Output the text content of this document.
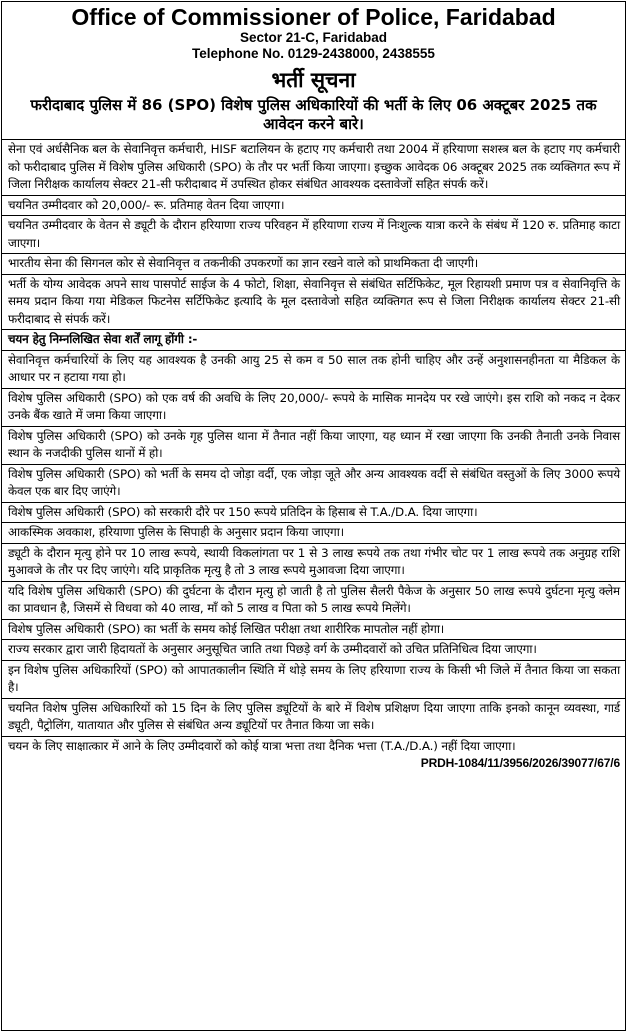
Office of Commissioner of Police, Faridabad
Sector 21-C, Faridabad
Telephone No. 0129-2438000, 2438555
भर्ती सूचना
फरीदाबाद पुलिस में 86 (SPO) विशेष पुलिस अधिकारियों की भर्ती के लिए 06 अक्टूबर 2025 तक आवेदन करने बारे।
सेना एवं अर्धसैनिक बल के सेवानिवृत्त कर्मचारी, HISF बटालियन के हटाए गए कर्मचारी तथा 2004 में हरियाणा सशस्त्र बल के हटाए गए कर्मचारी को फरीदाबाद पुलिस में विशेष पुलिस अधिकारी (SPO) के तौर पर भर्ती किया जाएगा। इच्छुक आवेदक 06 अक्टूबर 2025 तक व्यक्तिगत रूप में जिला निरीक्षक कार्यालय सेक्टर 21-सी फरीदाबाद में उपस्थित होकर संबंधित आवश्यक दस्तावेजों सहित संपर्क करें।
चयनित उम्मीदवार को 20,000/- रू. प्रतिमाह वेतन दिया जाएगा।
चयनित उम्मीदवार के वेतन से ड्यूटी के दौरान हरियाणा राज्य परिवहन में हरियाणा राज्य में निःशुल्क यात्रा करने के संबंध में 120 रु. प्रतिमाह काटा जाएगा।
भारतीय सेना की सिगनल कोर से सेवानिवृत्त व तकनीकी उपकरणों का ज्ञान रखने वाले को प्राथमिकता दी जाएगी।
भर्ती के योग्य आवेदक अपने साथ पासपोर्ट साईज के 4 फोटो, शिक्षा, सेवानिवृत्त से संबंधित सर्टिफिकेट, मूल रिहायशी प्रमाण पत्र व सेवानिवृत्ति के समय प्रदान किया गया मेडिकल फिटनेस सर्टिफिकेट इत्यादि के मूल दस्तावेजो सहित व्यक्तिगत रूप से जिला निरीक्षक कार्यालय सेक्टर 21-सी फरीदाबाद से संपर्क करें।
चयन हेतु निम्नलिखित सेवा शर्तें लागू होंगी :-
सेवानिवृत्त कर्मचारियों के लिए यह आवश्यक है उनकी आयु 25 से कम व 50 साल तक होनी चाहिए और उन्हें अनुशासनहीनता या मैडिकल के आधार पर न हटाया गया हो।
विशेष पुलिस अधिकारी (SPO) को एक वर्ष की अवधि के लिए 20,000/- रूपये के मासिक मानदेय पर रखे जाएंगे। इस राशि को नकद न देकर उनके बैंक खाते में जमा किया जाएगा।
विशेष पुलिस अधिकारी (SPO) को उनके गृह पुलिस थाना में तैनात नहीं किया जाएगा, यह ध्यान में रखा जाएगा कि उनकी तैनाती उनके निवास स्थान के नजदीकी पुलिस थानों में हो।
विशेष पुलिस अधिकारी (SPO) को भर्ती के समय दो जोड़ा वर्दी, एक जोड़ा जूते और अन्य आवश्यक वर्दी से संबंधित वस्तुओं के लिए 3000 रूपये केवल एक बार दिए जाएंगे।
विशेष पुलिस अधिकारी (SPO) को सरकारी दौरे पर 150 रूपये प्रतिदिन के हिसाब से T.A./D.A. दिया जाएगा।
आकस्मिक अवकाश, हरियाणा पुलिस के सिपाही के अनुसार प्रदान किया जाएगा।
ड्यूटी के दौरान मृत्यु होने पर 10 लाख रूपये, स्थायी विकलांगता पर 1 से 3 लाख रूपये तक तथा गंभीर चोट पर 1 लाख रूपये तक अनुग्रह राशि मुआवजे के तौर पर दिए जाएंगे। यदि प्राकृतिक मृत्यु है तो 3 लाख रूपये मुआवजा दिया जाएगा।
यदि विशेष पुलिस अधिकारी (SPO) की दुर्घटना के दौरान मृत्यु हो जाती है तो पुलिस सैलरी पैकेज के अनुसार 50 लाख रूपये दुर्घटना मृत्यु क्लेम का प्रावधान है, जिसमें से विधवा को 40 लाख, माँ को 5 लाख व पिता को 5 लाख रूपये मिलेंगे।
विशेष पुलिस अधिकारी (SPO) का भर्ती के समय कोई लिखित परीक्षा तथा शारीरिक मापतोल नहीं होगा।
राज्य सरकार द्वारा जारी हिदायतों के अनुसार अनुसूचित जाति तथा पिछड़े वर्ग के उम्मीदवारों को उचित प्रतिनिधित्व दिया जाएगा।
इन विशेष पुलिस अधिकारियों (SPO) को आपातकालीन स्थिति में थोड़े समय के लिए हरियाणा राज्य के किसी भी जिले में तैनात किया जा सकता है।
चयनित विशेष पुलिस अधिकारियों को 15 दिन के लिए पुलिस ड्यूटियों के बारे में विशेष प्रशिक्षण दिया जाएगा ताकि इनको कानून व्यवस्था, गार्ड ड्यूटी, पैट्रोलिंग, यातायात और पुलिस से संबंधित अन्य ड्यूटियों पर तैनात किया जा सके।
चयन के लिए साक्षात्कार में आने के लिए उम्मीदवारों को कोई यात्रा भत्ता तथा दैनिक भत्ता (T.A./D.A.) नहीं दिया जाएगा।
PRDH-1084/11/3956/2026/39077/67/6
